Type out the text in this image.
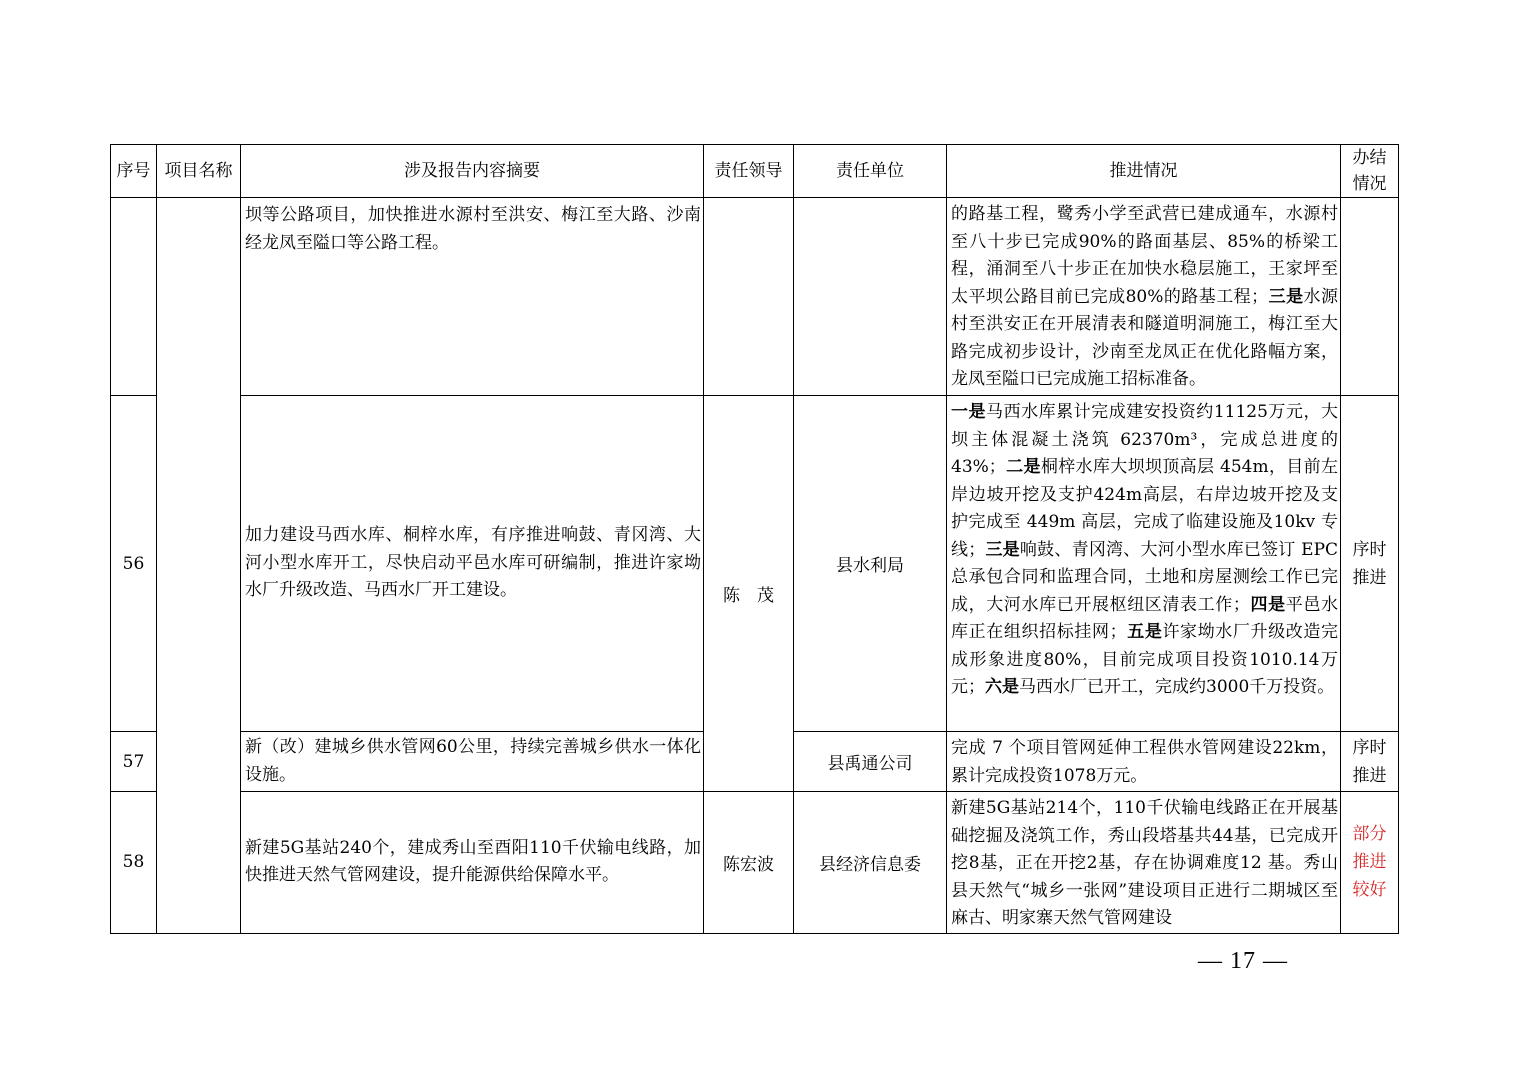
序号	项目名称	涉及报告内容摘要	责任领导	责任单位	推进情况	办结
情况
		坝等公路项目，加快推进水源村至洪安、梅江至大路、沙南经龙凤至隘口等公路工程。			的路基工程，鹭秀小学至武营已建成通车，水源村至八十步已完成90%的路面基层、85%的桥梁工程，涌洞至八十步正在加快水稳层施工，王家坪至太平坝公路目前已完成80%的路基工程；三是水源村至洪安正在开展清表和隧道明洞施工，梅江至大路完成初步设计，沙南至龙凤正在优化路幅方案，龙凤至隘口已完成施工招标准备。	
56		加力建设马西水库、桐梓水库，有序推进响鼓、青冈湾、大河小型水库开工，尽快启动平邑水库可研编制，推进许家坳水厂升级改造、马西水厂开工建设。	陈　茂	县水利局	一是马西水库累计完成建安投资约11125万元，大坝主体混凝土浇筑 62370m³，完成总进度的43%；二是桐梓水库大坝坝顶高层 454m，目前左岸边坡开挖及支护424m高层，右岸边坡开挖及支护完成至 449m 高层，完成了临建设施及10kv 专线；三是响鼓、青冈湾、大河小型水库已签订 EPC 总承包合同和监理合同，土地和房屋测绘工作已完成，大河水库已开展枢纽区清表工作；四是平邑水库正在组织招标挂网；五是许家坳水厂升级改造完成形象进度80%，目前完成项目投资1010.14万元；六是马西水厂已开工，完成约3000千万投资。	序时
推进
57		新（改）建城乡供水管网60公里，持续完善城乡供水一体化设施。		县禹通公司	完成 7 个项目管网延伸工程供水管网建设22km，累计完成投资1078万元。	序时
推进
58		新建5G基站240个，建成秀山至酉阳110千伏输电线路，加快推进天然气管网建设，提升能源供给保障水平。	陈宏波	县经济信息委	新建5G基站214个，110千伏输电线路正在开展基础挖掘及浇筑工作，秀山段塔基共44基，已完成开挖8基，正在开挖2基，存在协调难度12 基。秀山县天然气“城乡一张网”建设项目正进行二期城区至麻古、明家寨天然气管网建设	部分
推进
较好
— 17 —
